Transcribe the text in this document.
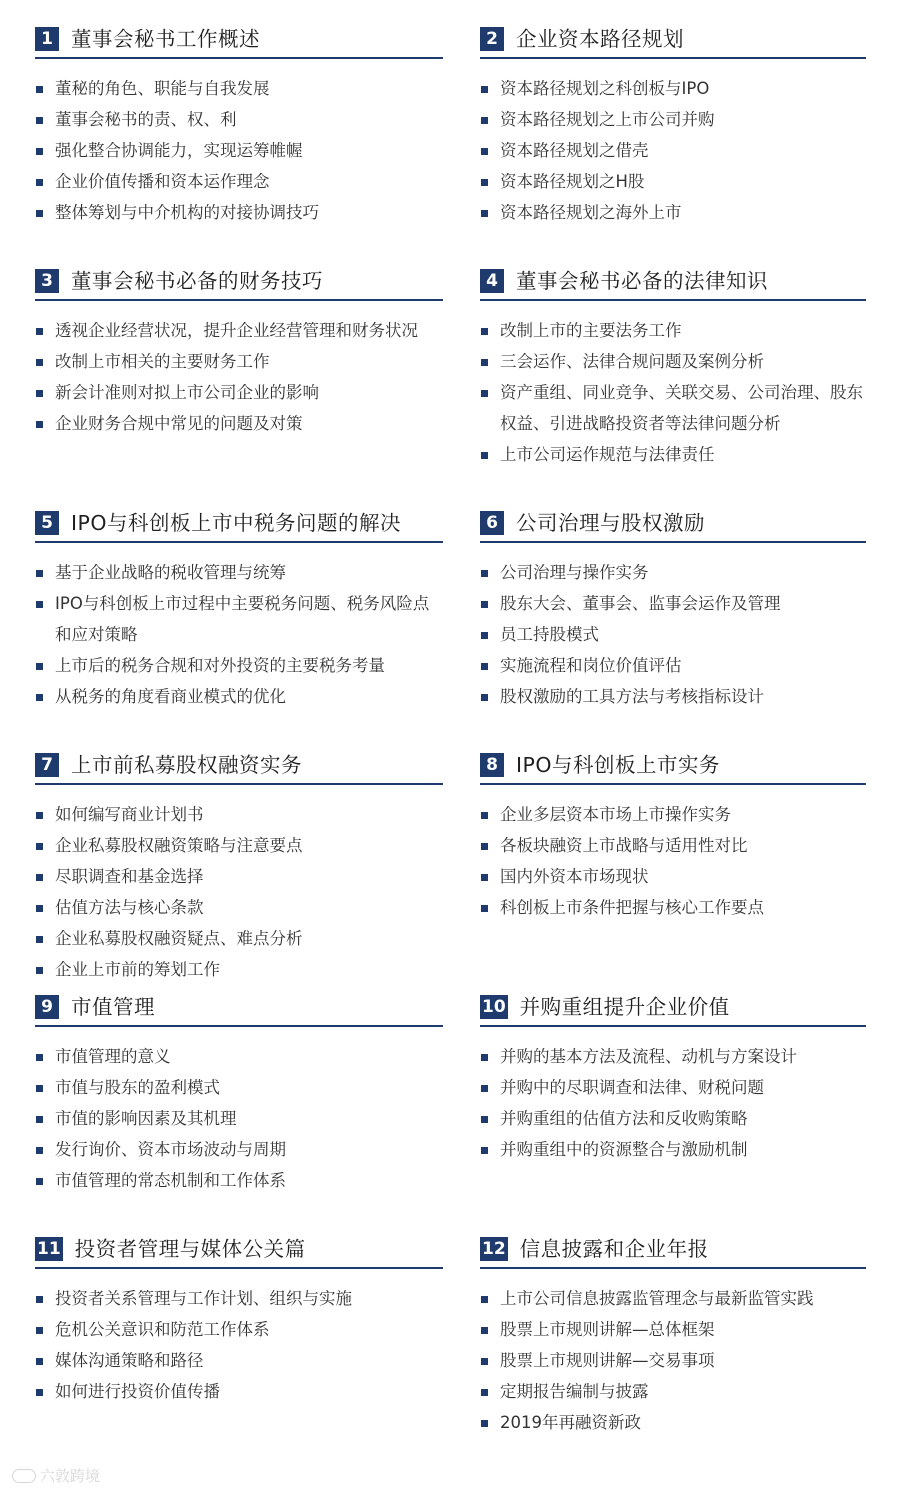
1 董事会秘书工作概述
董秘的角色、职能与自我发展
董事会秘书的责、权、利
强化整合协调能力，实现运筹帷幄
企业价值传播和资本运作理念
整体筹划与中介机构的对接协调技巧
2 企业资本路径规划
资本路径规划之科创板与IPO
资本路径规划之上市公司并购
资本路径规划之借壳
资本路径规划之H股
资本路径规划之海外上市
3 董事会秘书必备的财务技巧
透视企业经营状况，提升企业经营管理和财务状况
改制上市相关的主要财务工作
新会计准则对拟上市公司企业的影响
企业财务合规中常见的问题及对策
4 董事会秘书必备的法律知识
改制上市的主要法务工作
三会运作、法律合规问题及案例分析
资产重组、同业竞争、关联交易、公司治理、股东权益、引进战略投资者等法律问题分析
上市公司运作规范与法律责任
5 IPO与科创板上市中税务问题的解决
基于企业战略的税收管理与统筹
IPO与科创板上市过程中主要税务问题、税务风险点和应对策略
上市后的税务合规和对外投资的主要税务考量
从税务的角度看商业模式的优化
6 公司治理与股权激励
公司治理与操作实务
股东大会、董事会、监事会运作及管理
员工持股模式
实施流程和岗位价值评估
股权激励的工具方法与考核指标设计
7 上市前私募股权融资实务
如何编写商业计划书
企业私募股权融资策略与注意要点
尽职调查和基金选择
估值方法与核心条款
企业私募股权融资疑点、难点分析
企业上市前的筹划工作
8 IPO与科创板上市实务
企业多层资本市场上市操作实务
各板块融资上市战略与适用性对比
国内外资本市场现状
科创板上市条件把握与核心工作要点
9 市值管理
市值管理的意义
市值与股东的盈利模式
市值的影响因素及其机理
发行询价、资本市场波动与周期
市值管理的常态机制和工作体系
10 并购重组提升企业价值
并购的基本方法及流程、动机与方案设计
并购中的尽职调查和法律、财税问题
并购重组的估值方法和反收购策略
并购重组中的资源整合与激励机制
11 投资者管理与媒体公关篇
投资者关系管理与工作计划、组织与实施
危机公关意识和防范工作体系
媒体沟通策略和路径
如何进行投资价值传播
12 信息披露和企业年报
上市公司信息披露监管理念与最新监管实践
股票上市规则讲解—总体框架
股票上市规则讲解—交易事项
定期报告编制与披露
2019年再融资新政
六敦跨境
